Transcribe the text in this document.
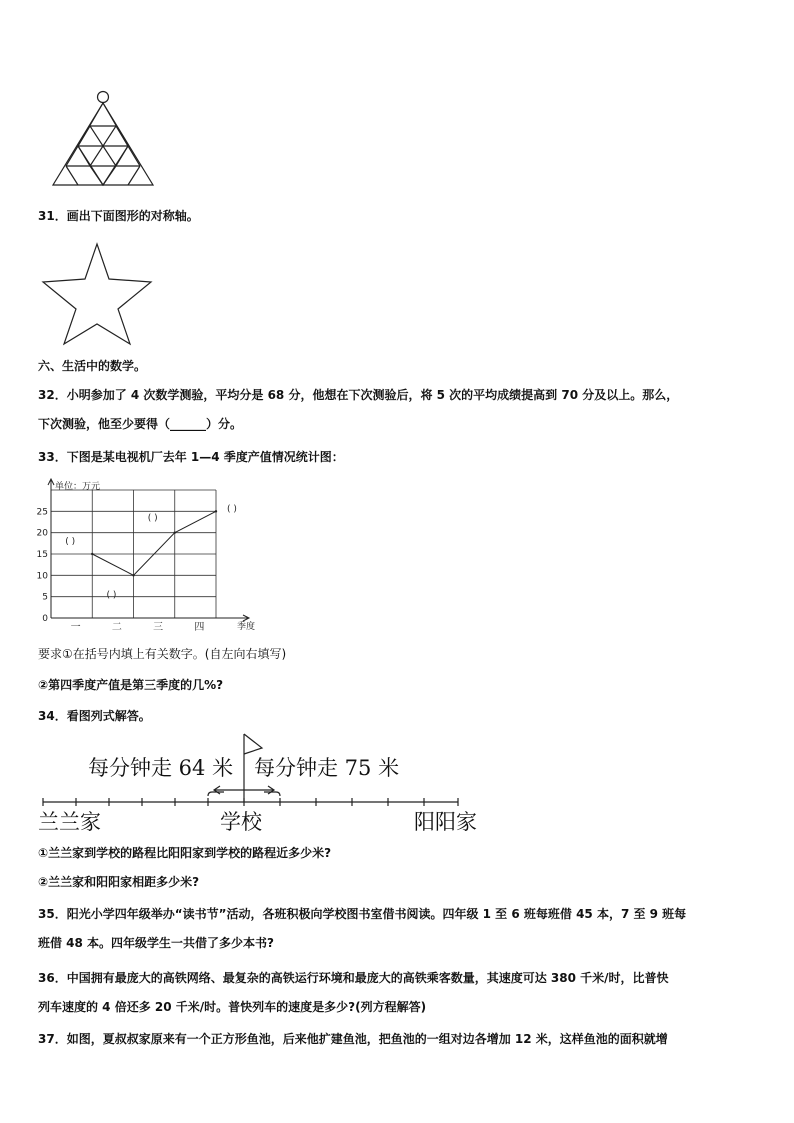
31．画出下面图形的对称轴。
六、生活中的数学。
32．小明参加了 4 次数学测验，平均分是 68 分，他想在下次测验后，将 5 次的平均成绩提高到 70 分及以上。那么，
下次测验，他至少要得（______）分。
33．下图是某电视机厂去年 1—4 季度产值情况统计图：
单位：万元
0
5
10
15
20
25
一	二	三	四	季度
( )
( )
( )
( )
要求①在括号内填上有关数字。(自左向右填写)
②第四季度产值是第三季度的几%?
34．看图列式解答。
每分钟走 64 米 每分钟走 75 米
兰兰家	学校	阳阳家
①兰兰家到学校的路程比阳阳家到学校的路程近多少米?
②兰兰家和阳阳家相距多少米?
35．阳光小学四年级举办“读书节”活动，各班积极向学校图书室借书阅读。四年级 1 至 6 班每班借 45 本，7 至 9 班每
班借 48 本。四年级学生一共借了多少本书?
36．中国拥有最庞大的高铁网络、最复杂的高铁运行环境和最庞大的高铁乘客数量，其速度可达 380 千米/时，比普快
列车速度的 4 倍还多 20 千米/时。普快列车的速度是多少?(列方程解答)
37．如图，夏叔叔家原来有一个正方形鱼池，后来他扩建鱼池，把鱼池的一组对边各增加 12 米，这样鱼池的面积就增
